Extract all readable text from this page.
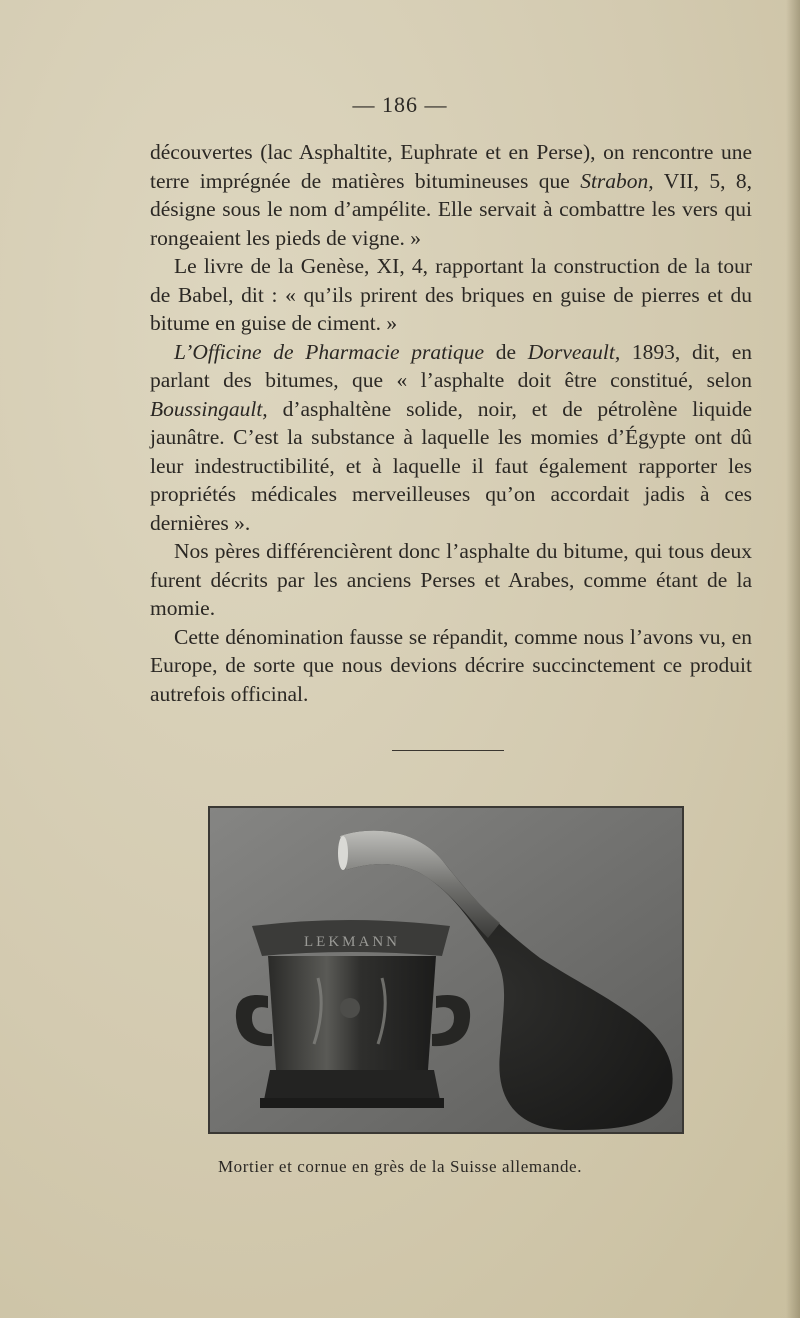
— 186 —

découvertes (lac Asphaltite, Euphrate et en Perse), on rencontre une terre imprégnée de matières bitumineuses que Strabon, VII, 5, 8, désigne sous le nom d’ampélite. Elle servait à combattre les vers qui rongeaient les pieds de vigne. »

Le livre de la Genèse, XI, 4, rapportant la construction de la tour de Babel, dit : « qu’ils prirent des briques en guise de pierres et du bitume en guise de ciment. »

L’Officine de Pharmacie pratique de Dorveault, 1893, dit, en parlant des bitumes, que « l’asphalte doit être constitué, selon Boussingault, d’asphaltène solide, noir, et de pétrolène liquide jaunâtre. C’est la substance à laquelle les momies d’Égypte ont dû leur indestructibilité, et à laquelle il faut également rapporter les propriétés médicales merveilleuses qu’on accordait jadis à ces dernières ».

Nos pères différencièrent donc l’asphalte du bitume, qui tous deux furent décrits par les anciens Perses et Arabes, comme étant de la momie.

Cette dénomination fausse se répandit, comme nous l’avons vu, en Europe, de sorte que nous devions décrire succinctement ce produit autrefois officinal.

LEKMANN
Mortier et cornue en grès de la Suisse allemande.
